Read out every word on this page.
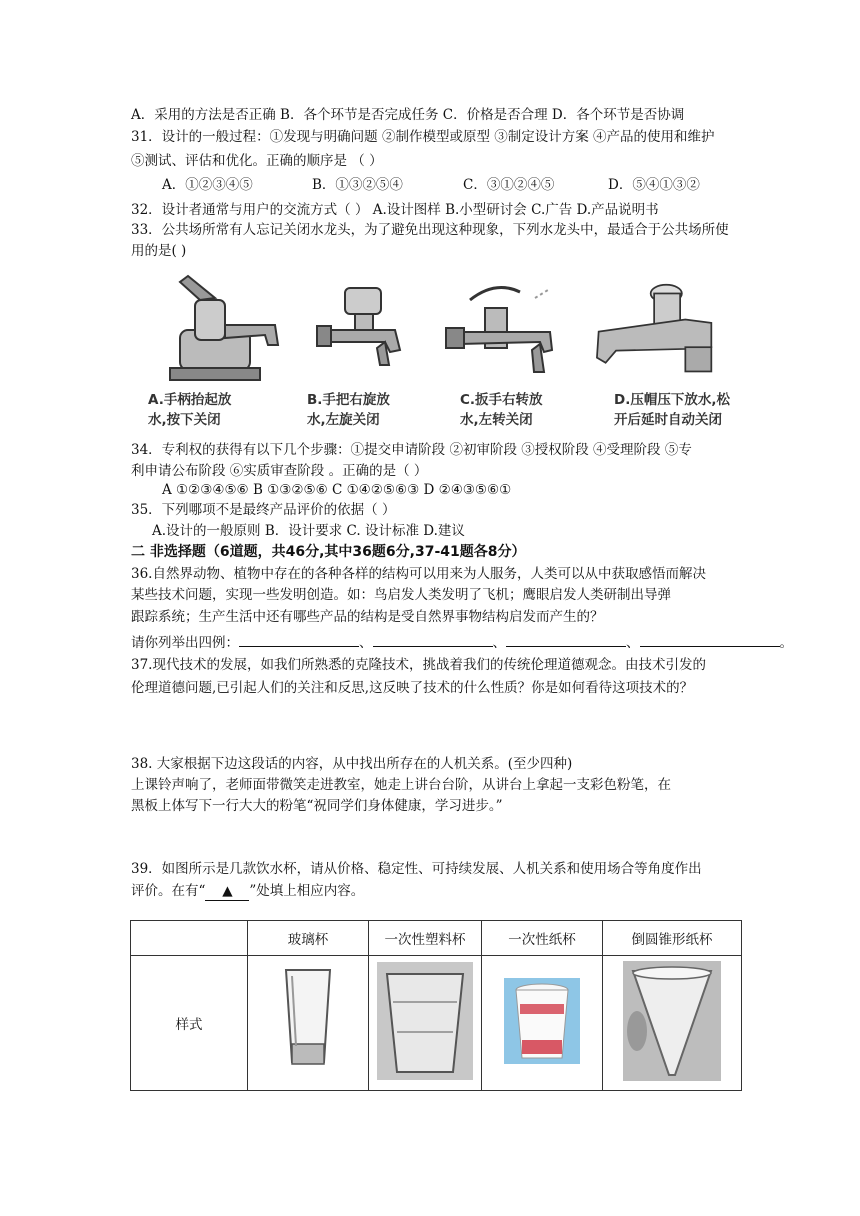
A．采用的方法是否正确 B．各个环节是否完成任务 C．价格是否合理 D．各个环节是否协调
31．设计的一般过程：①发现与明确问题 ②制作模型或原型 ③制定设计方案 ④产品的使用和维护
⑤测试、评估和优化。正确的顺序是 （ ）
A．①②③④⑤	B．①③②⑤④	C．③①②④⑤	D．⑤④①③②
32．设计者通常与用户的交流方式（ ） A.设计图样 B.小型研讨会 C.广告 D.产品说明书
33．公共场所常有人忘记关闭水龙头，为了避免出现这种现象，下列水龙头中，最适合于公共场所使
用的是( )
A.手柄抬起放
水,按下关闭
B.手把右旋放
水,左旋关闭
C.扳手右转放
水,左转关闭
D.压帽压下放水,松
开后延时自动关闭
34．专利权的获得有以下几个步骤：①提交申请阶段 ②初审阶段 ③授权阶段 ④受理阶段 ⑤专
利申请公布阶段 ⑥实质审查阶段 。正确的是（ ）
A ①②③④⑤⑥ B ①③②⑤⑥ C ①④②⑤⑥③ D ②④③⑤⑥①
35．下列哪项不是最终产品评价的依据（ ）
A.设计的一般原则 B．设计要求 C. 设计标准 D.建议
二 非选择题（6道题，共46分,其中36题6分,37-41题各8分）
36.自然界动物、植物中存在的各种各样的结构可以用来为人服务，人类可以从中获取感悟而解决
某些技术问题，实现一些发明创造。如：鸟启发人类发明了飞机；鹰眼启发人类研制出导弹
跟踪系统；生产生活中还有哪些产品的结构是受自然界事物结构启发而产生的？
请你列举出四例：	、	、	、	。
37.现代技术的发展，如我们所熟悉的克隆技术，挑战着我们的传统伦理道德观念。由技术引发的
伦理道德问题,已引起人们的关注和反思,这反映了技术的什么性质？你是如何看待这项技术的？
38. 大家根据下边这段话的内容，从中找出所存在的人机关系。(至少四种)
上课铃声响了，老师面带微笑走进教室，她走上讲台台阶，从讲台上拿起一支彩色粉笔，在
黑板上体写下一行大大的粉笔“祝同学们身体健康，学习进步。”
39．如图所示是几款饮水杯，请从价格、稳定性、可持续发展、人机关系和使用场合等角度作出
评价。在有“ ▲ ”处填上相应内容。
	玻璃杯	一次性塑料杯	一次性纸杯	倒圆锥形纸杯
样式				
